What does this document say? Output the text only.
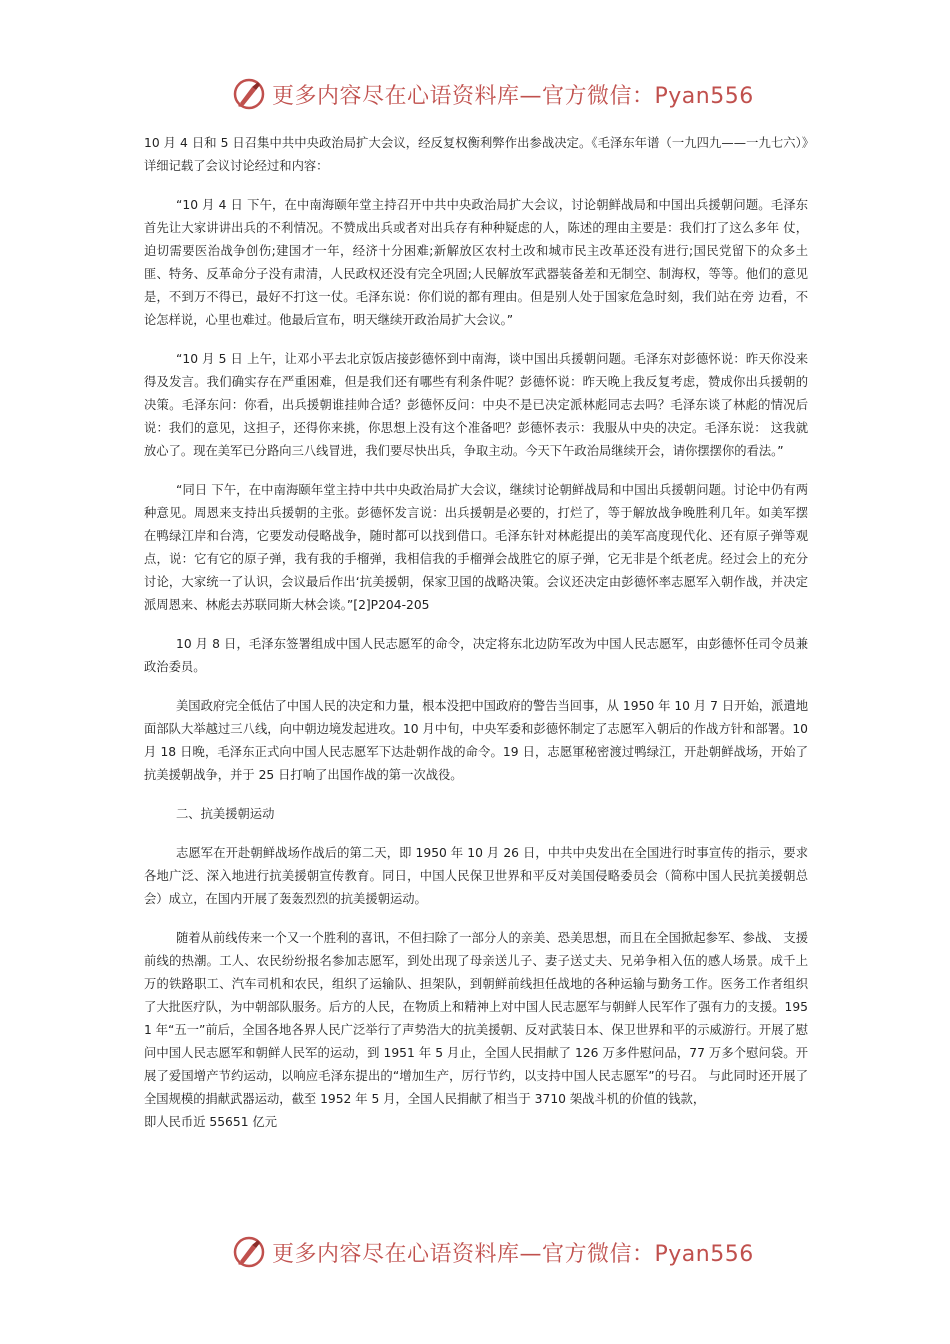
更多内容尽在心语资料库—官方微信：Pyan556

10 月 4 日和 5 日召集中共中央政治局扩大会议，经反复权衡利弊作出参战决定。《毛泽东年谱（一九四九——一九七六）》详细记载了会议讨论经过和内容：

“10 月 4 日 下午，在中南海颐年堂主持召开中共中央政治局扩大会议，讨论朝鲜战局和中国出兵援朝问题。毛泽东首先让大家讲讲出兵的不利情况。不赞成出兵或者对出兵存有种种疑虑的人，陈述的理由主要是：我们打了这么多年 仗，迫切需要医治战争创伤;建国才一年，经济十分困难;新解放区农村土改和城市民主改革还没有进行;国民党留下的众多土匪、特务、反革命分子没有肃清，人民政权还没有完全巩固;人民解放军武器装备差和无制空、制海权，等等。他们的意见是，不到万不得已，最好不打这一仗。毛泽东说：你们说的都有理由。但是别人处于国家危急时刻，我们站在旁 边看，不论怎样说，心里也难过。他最后宣布，明天继续开政治局扩大会议。”

“10 月 5 日 上午，让邓小平去北京饭店接彭德怀到中南海，谈中国出兵援朝问题。毛泽东对彭德怀说：昨天你没来得及发言。我们确实存在严重困难，但是我们还有哪些有利条件呢？彭德怀说：昨天晚上我反复考虑，赞成你出兵援朝的决策。毛泽东问：你看，出兵援朝谁挂帅合适？彭德怀反问：中央不是已决定派林彪同志去吗？毛泽东谈了林彪的情况后说：我们的意见，这担子，还得你来挑，你思想上没有这个准备吧？彭德怀表示：我服从中央的决定。毛泽东说： 这我就放心了。现在美军已分路向三八线冒进，我们要尽快出兵，争取主动。今天下午政治局继续开会，请你摆摆你的看法。”

“同日 下午，在中南海颐年堂主持中共中央政治局扩大会议，继续讨论朝鲜战局和中国出兵援朝问题。讨论中仍有两种意见。周恩来支持出兵援朝的主张。彭德怀发言说：出兵援朝是必要的，打烂了，等于解放战争晚胜利几年。如美军摆在鸭绿江岸和台湾，它要发动侵略战争，随时都可以找到借口。毛泽东针对林彪提出的美军高度现代化、还有原子弹等观点，说：它有它的原子弹，我有我的手榴弹，我相信我的手榴弹会战胜它的原子弹，它无非是个纸老虎。经过会上的充分讨论，大家统一了认识，会议最后作出‘抗美援朝，保家卫国的战略决策。会议还决定由彭德怀率志愿军入朝作战，并决定派周恩来、林彪去苏联同斯大林会谈。”[2]P204-205

10 月 8 日，毛泽东签署组成中国人民志愿军的命令，决定将东北边防军改为中国人民志愿军，由彭德怀任司令员兼政治委员。

美国政府完全低估了中国人民的决定和力量，根本没把中国政府的警告当回事，从 1950 年 10 月 7 日开始，派遣地面部队大举越过三八线，向中朝边境发起进攻。10 月中旬，中央军委和彭德怀制定了志愿军入朝后的作战方针和部署。10 月 18 日晚，毛泽东正式向中国人民志愿军下达赴朝作战的命令。19 日，志愿軍秘密渡过鸭绿江，开赴朝鲜战场，开始了抗美援朝战争，并于 25 日打响了出国作战的第一次战役。

二、抗美援朝运动

志愿军在开赴朝鲜战场作战后的第二天，即 1950 年 10 月 26 日，中共中央发出在全国进行时事宣传的指示，要求各地广泛、深入地进行抗美援朝宣传教育。同日，中国人民保卫世界和平反对美国侵略委员会（简称中国人民抗美援朝总会）成立，在国内开展了轰轰烈烈的抗美援朝运动。

随着从前线传来一个又一个胜利的喜讯，不但扫除了一部分人的亲美、恐美思想，而且在全国掀起参军、参战、 支援前线的热潮。工人、农民纷纷报名参加志愿军，到处出现了母亲送儿子、妻子送丈夫、兄弟争相入伍的感人场景。成千上万的铁路职工、汽车司机和农民，组织了运输队、担架队，到朝鲜前线担任战地的各种运输与勤务工作。医务工作者组织了大批医疗队，为中朝部队服务。后方的人民，在物质上和精神上对中国人民志愿军与朝鲜人民军作了强有力的支援。1951 年“五一”前后，全国各地各界人民广泛举行了声势浩大的抗美援朝、反对武装日本、保卫世界和平的示威游行。开展了慰问中国人民志愿军和朝鲜人民军的运动，到 1951 年 5 月止，全国人民捐献了 126 万多件慰问品，77 万多个慰问袋。开展了爱国增产节约运动，以响应毛泽东提出的“增加生产，厉行节约，以支持中国人民志愿军”的号召。 与此同时还开展了全国规模的捐献武器运动，截至 1952 年 5 月，全国人民捐献了相当于 3710 架战斗机的价值的钱款，

即人民币近 55651 亿元

更多内容尽在心语资料库—官方微信：Pyan556
